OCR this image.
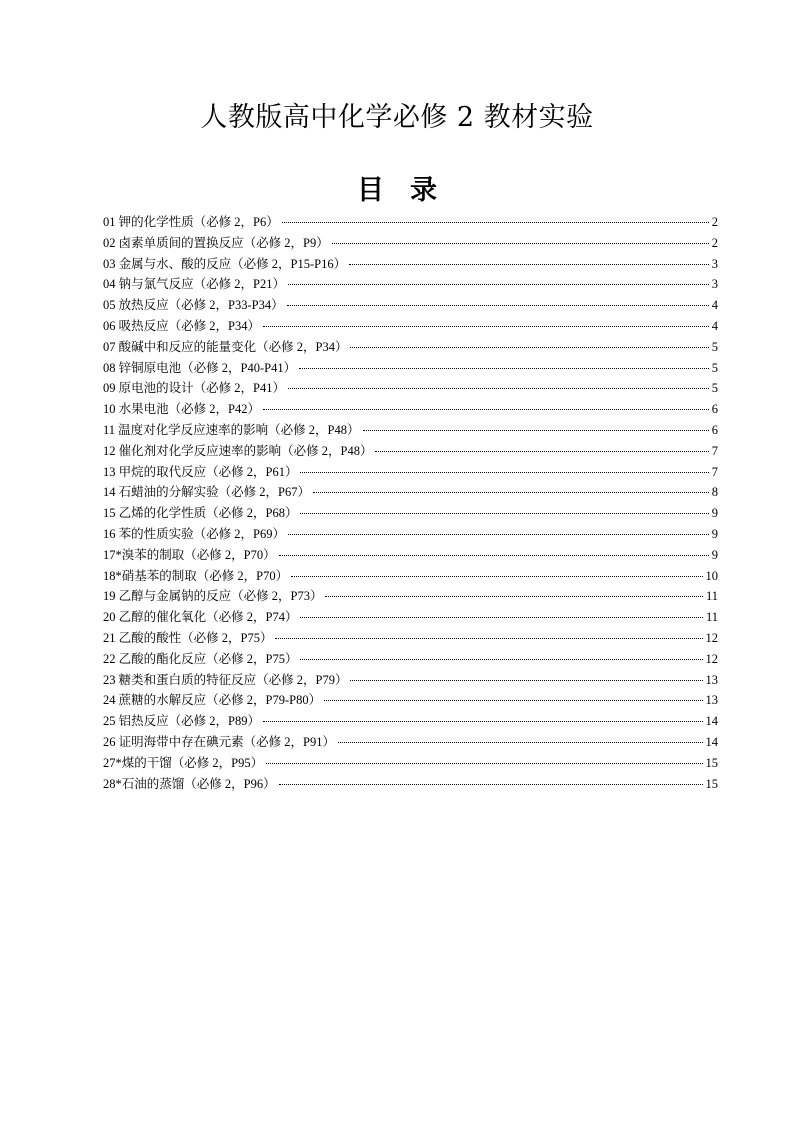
人教版高中化学必修 2 教材实验
目录
01 钾的化学性质（必修 2，P6）	2
02 卤素单质间的置换反应（必修 2，P9）	2
03 金属与水、酸的反应（必修 2，P15-P16）	3
04 钠与氯气反应（必修 2，P21）	3
05 放热反应（必修 2，P33-P34）	4
06 吸热反应（必修 2，P34）	4
07 酸碱中和反应的能量变化（必修 2，P34）	5
08 锌铜原电池（必修 2，P40-P41）	5
09 原电池的设计（必修 2，P41）	5
10 水果电池（必修 2，P42）	6
11 温度对化学反应速率的影响（必修 2，P48）	6
12 催化剂对化学反应速率的影响（必修 2，P48）	7
13 甲烷的取代反应（必修 2，P61）	7
14 石蜡油的分解实验（必修 2，P67）	8
15 乙烯的化学性质（必修 2，P68）	9
16 苯的性质实验（必修 2，P69）	9
17*溴苯的制取（必修 2，P70）	9
18*硝基苯的制取（必修 2，P70）	10
19 乙醇与金属钠的反应（必修 2，P73）	11
20 乙醇的催化氧化（必修 2，P74）	11
21 乙酸的酸性（必修 2，P75）	12
22 乙酸的酯化反应（必修 2，P75）	12
23 糖类和蛋白质的特征反应（必修 2，P79）	13
24 蔗糖的水解反应（必修 2，P79-P80）	13
25 铝热反应（必修 2，P89）	14
26 证明海带中存在碘元素（必修 2，P91）	14
27*煤的干馏（必修 2，P95）	15
28*石油的蒸馏（必修 2，P96）	15
